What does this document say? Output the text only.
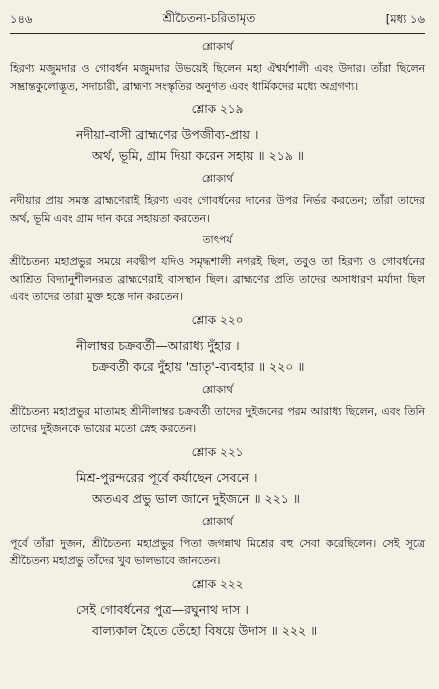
১৪৬	শ্রীচৈতন্য-চরিতামৃত	[মধ্য ১৬
শ্লোকার্থ

হিরণ্য মজুমদার ও গোবর্ধন মজুমদার উভয়েই ছিলেন মহা ঐশ্বর্যশালী এবং উদার। তাঁরা ছিলেন সম্ভ্রান্তকুলোদ্ভূত, সদাচারী, ব্রাহ্মণ্য সংস্কৃতির অনুগত এবং ধার্মিকদের মধ্যে অগ্রগণ্য।

শ্লোক ২১৯
নদীয়া-বাসী ব্রাহ্মণের উপজীব্য-প্রায় ।
অর্থ, ভূমি, গ্রাম দিয়া করেন সহায় ॥ ২১৯ ॥
শ্লোকার্থ

নদীয়ার প্রায় সমস্ত ব্রাহ্মণেরাই হিরণ্য এবং গোবর্ধনের দানের উপর নির্ভর করতেন; তাঁরা তাদের অর্থ, ভূমি এবং গ্রাম দান করে সহায়তা করতেন।

তাৎপর্য

শ্রীচৈতন্য মহাপ্রভুর সময়ে নবদ্বীপ যদিও সমৃদ্ধশালী নগরই ছিল, তবুও তা হিরণ্য ও গোবর্ধনের আশ্রিত বিদ্যানুশীলনরত ব্রাহ্মণেরাই বাসস্থান ছিল। ব্রাহ্মণের প্রতি তাদের অসাধারণ মর্যাদা ছিল এবং তাদের তারা মুক্ত হস্তে দান করতেন।

শ্লোক ২২০
নীলাম্বর চক্রবর্তী—আরাধ্য দুঁহার ।
চক্রবর্তী করে দুঁহায় 'ভ্রাতৃ'-ব্যবহার ॥ ২২০ ॥
শ্লোকার্থ

শ্রীচৈতন্য মহাপ্রভুর মাতামহ শ্রীনীলাম্বর চক্রবর্তী তাদের দুইজনের পরম আরাধ্য ছিলেন, এবং তিনি তাদের দুইজনকে ভায়ের মতো স্নেহ করতেন।

শ্লোক ২২১
মিশ্র-পুরন্দরের পূর্বে কর্যাছেন সেবনে ।
অতএব প্রভু ভাল জানে দুইজনে ॥ ২২১ ॥
শ্লোকার্থ

পূর্বে তাঁরা দুজন, শ্রীচৈতন্য মহাপ্রভুর পিতা জগন্নাথ মিশ্রের বহু সেবা করেছিলেন। সেই সূত্রে শ্রীচৈতন্য মহাপ্রভু তাঁদের খুব ভালভাবে জানতেন।

শ্লোক ২২২
সেই গোবর্ধনের পুত্র—রঘুনাথ দাস ।
বাল্যকাল হৈতে তেঁহো বিষয়ে উদাস ॥ ২২২ ॥
